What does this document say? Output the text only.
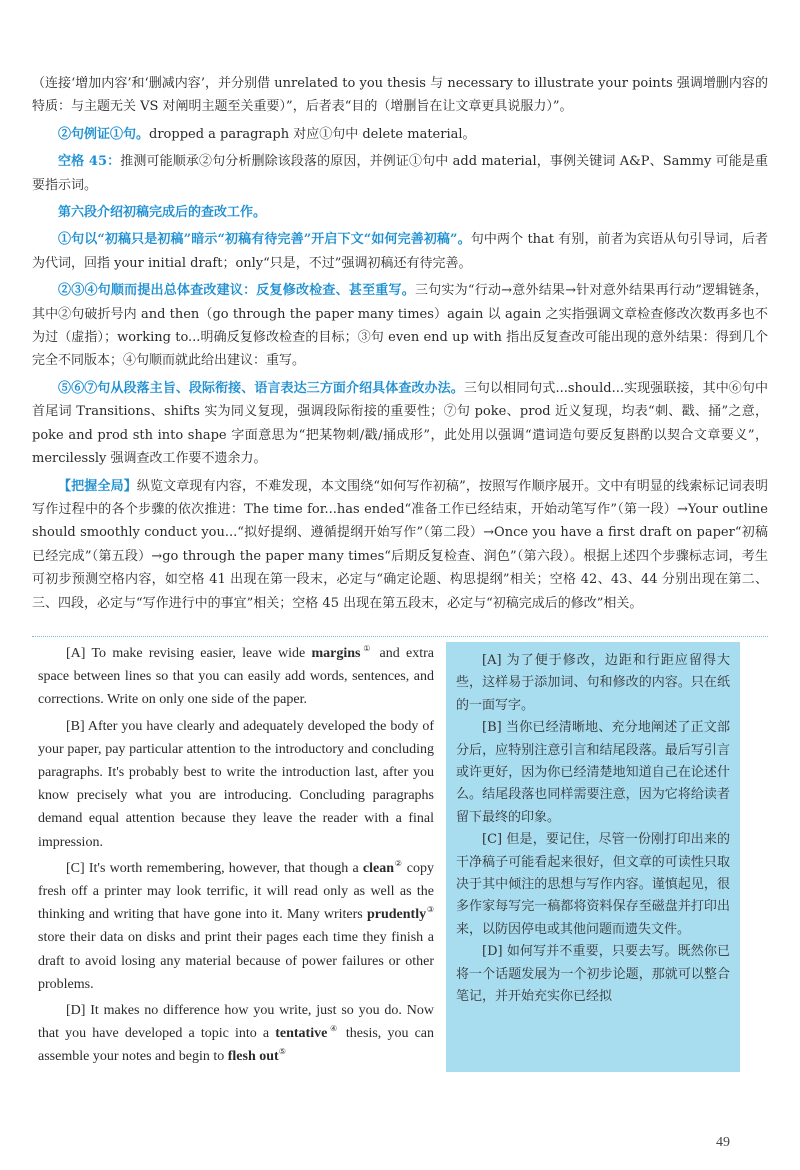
（连接‘增加内容’和‘删减内容’，并分别借 unrelated to you thesis 与 necessary to illustrate your points 强调增删内容的特质：与主题无关 VS 对阐明主题至关重要）”，后者表“目的（增删旨在让文章更具说服力）”。

②句例证①句。dropped a paragraph 对应①句中 delete material。

空格 45：推测可能顺承②句分析删除该段落的原因，并例证①句中 add material，事例关键词 A&P、Sammy 可能是重要指示词。

第六段介绍初稿完成后的查改工作。

①句以“初稿只是初稿”暗示“初稿有待完善”开启下文“如何完善初稿”。句中两个 that 有别，前者为宾语从句引导词，后者为代词，回指 your initial draft；only“只是，不过”强调初稿还有待完善。

②③④句顺而提出总体查改建议：反复修改检查、甚至重写。三句实为“行动→意外结果→针对意外结果再行动”逻辑链条，其中②句破折号内 and then（go through the paper many times）again 以 again 之实指强调文章检查修改次数再多也不为过（虚指）；working to...明确反复修改检查的目标；③句 even end up with 指出反复查改可能出现的意外结果：得到几个完全不同版本；④句顺而就此给出建议：重写。

⑤⑥⑦句从段落主旨、段际衔接、语言表达三方面介绍具体查改办法。三句以相同句式...should...实现强联接，其中⑥句中首尾词 Transitions、shifts 实为同义复现，强调段际衔接的重要性；⑦句 poke、prod 近义复现，均表“刺、戳、捅”之意，poke and prod sth into shape 字面意思为“把某物刺/戳/捅成形”，此处用以强调“遣词造句要反复斟酌以契合文章要义”，mercilessly 强调查改工作要不遗余力。

【把握全局】纵览文章现有内容，不难发现，本文围绕“如何写作初稿”，按照写作顺序展开。文中有明显的线索标记词表明写作过程中的各个步骤的依次推进：The time for...has ended“准备工作已经结束，开始动笔写作”（第一段）→Your outline should smoothly conduct you...“拟好提纲、遵循提纲开始写作”（第二段）→Once you have a first draft on paper“初稿已经完成”（第五段）→go through the paper many times“后期反复检查、润色”（第六段）。根据上述四个步骤标志词，考生可初步预测空格内容，如空格 41 出现在第一段末，必定与“确定论题、构思提纲”相关；空格 42、43、44 分别出现在第二、三、四段，必定与“写作进行中的事宜”相关；空格 45 出现在第五段末，必定与“初稿完成后的修改”相关。

[A] To make revising easier, leave wide margins① and extra space between lines so that you can easily add words, sentences, and corrections. Write on only one side of the paper.

[B] After you have clearly and adequately developed the body of your paper, pay particular attention to the introductory and concluding paragraphs. It's probably best to write the introduction last, after you know precisely what you are introducing. Concluding paragraphs demand equal attention because they leave the reader with a final impression.

[C] It's worth remembering, however, that though a clean② copy fresh off a printer may look terrific, it will read only as well as the thinking and writing that have gone into it. Many writers prudently③ store their data on disks and print their pages each time they finish a draft to avoid losing any material because of power failures or other problems.

[D] It makes no difference how you write, just so you do. Now that you have developed a topic into a tentative④ thesis, you can assemble your notes and begin to flesh out⑤

[A] 为了便于修改，边距和行距应留得大些，这样易于添加词、句和修改的内容。只在纸的一面写字。

[B] 当你已经清晰地、充分地阐述了正文部分后，应特别注意引言和结尾段落。最后写引言或许更好，因为你已经清楚地知道自己在论述什么。结尾段落也同样需要注意，因为它将给读者留下最终的印象。

[C] 但是，要记住，尽管一份刚打印出来的干净稿子可能看起来很好，但文章的可读性只取决于其中倾注的思想与写作内容。谨慎起见，很多作家每写完一稿都将资料保存至磁盘并打印出来，以防因停电或其他问题而遗失文件。

[D] 如何写并不重要，只要去写。既然你已将一个话题发展为一个初步论题，那就可以整合笔记，并开始充实你已经拟

49
